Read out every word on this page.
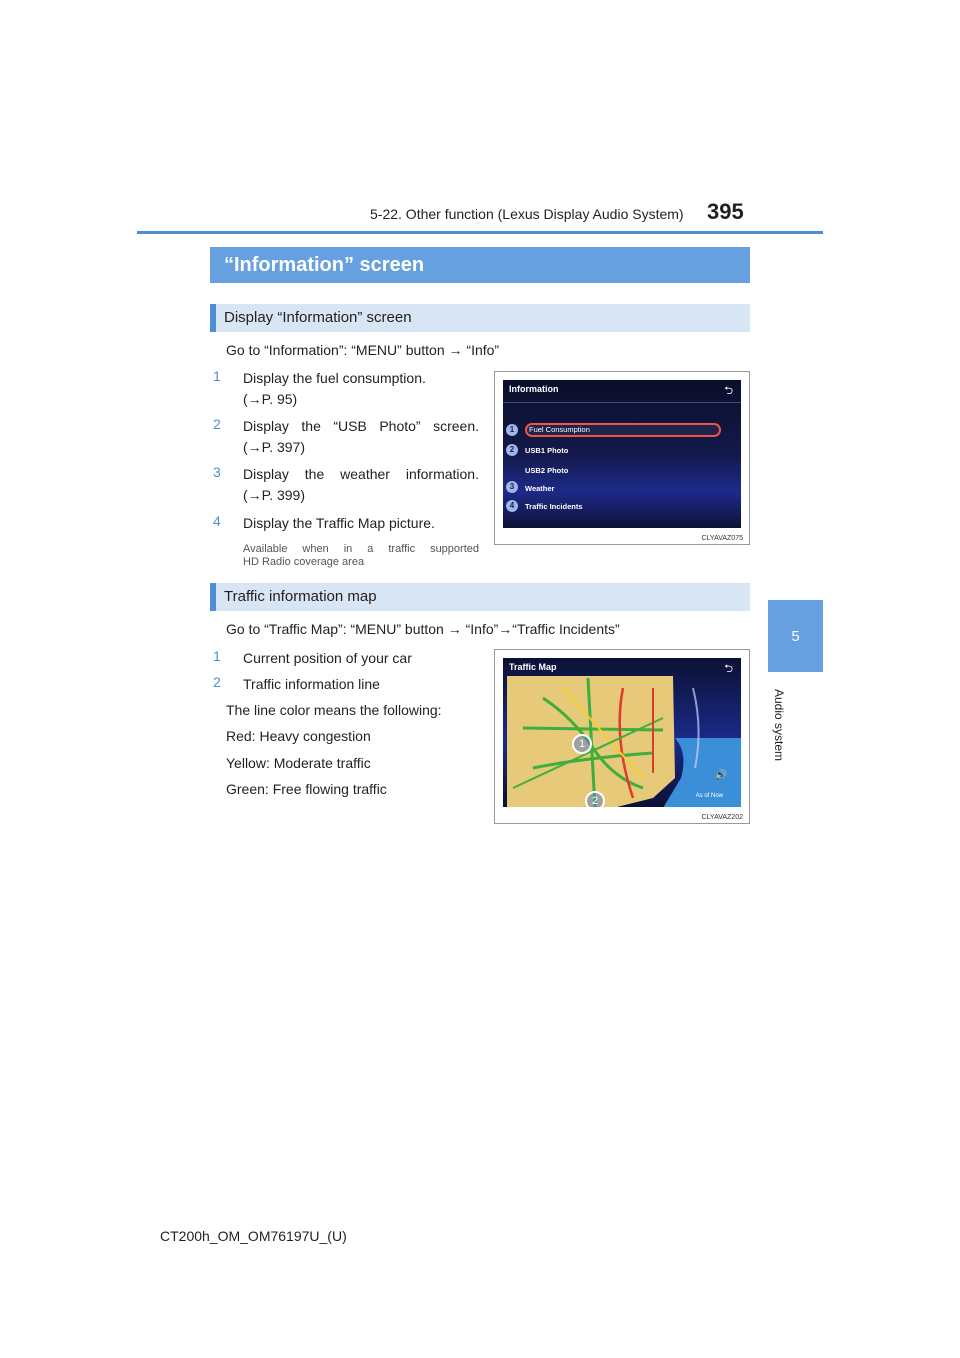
5-22. Other function (Lexus Display Audio System) 395
5
Audio system
“Information” screen
Display “Information” screen
Go to “Information”: “MENU” button → “Info”
1 Display the fuel consumption.
(→P. 95)
2 Display the “USB Photo” screen.
(→P. 397)
3 Display the weather information.
(→P. 399)
4 Display the Traffic Map picture.
Available when in a traffic supported
HD Radio coverage area
Information	⮌
1	Fuel Consumption
2	USB1 Photo
USB2 Photo
3	Weather
4	Traffic Incidents
CLYAVAZ075
Traffic information map
Go to “Traffic Map”: “MENU” button → “Info”→“Traffic Incidents”
1 Current position of your car
2 Traffic information line
The line color means the following:
Red: Heavy congestion
Yellow: Moderate traffic
Green: Free flowing traffic
Traffic Map	⮌
1
2
🔊
As of Now
CLYAVAZ202
CT200h_OM_OM76197U_(U)
